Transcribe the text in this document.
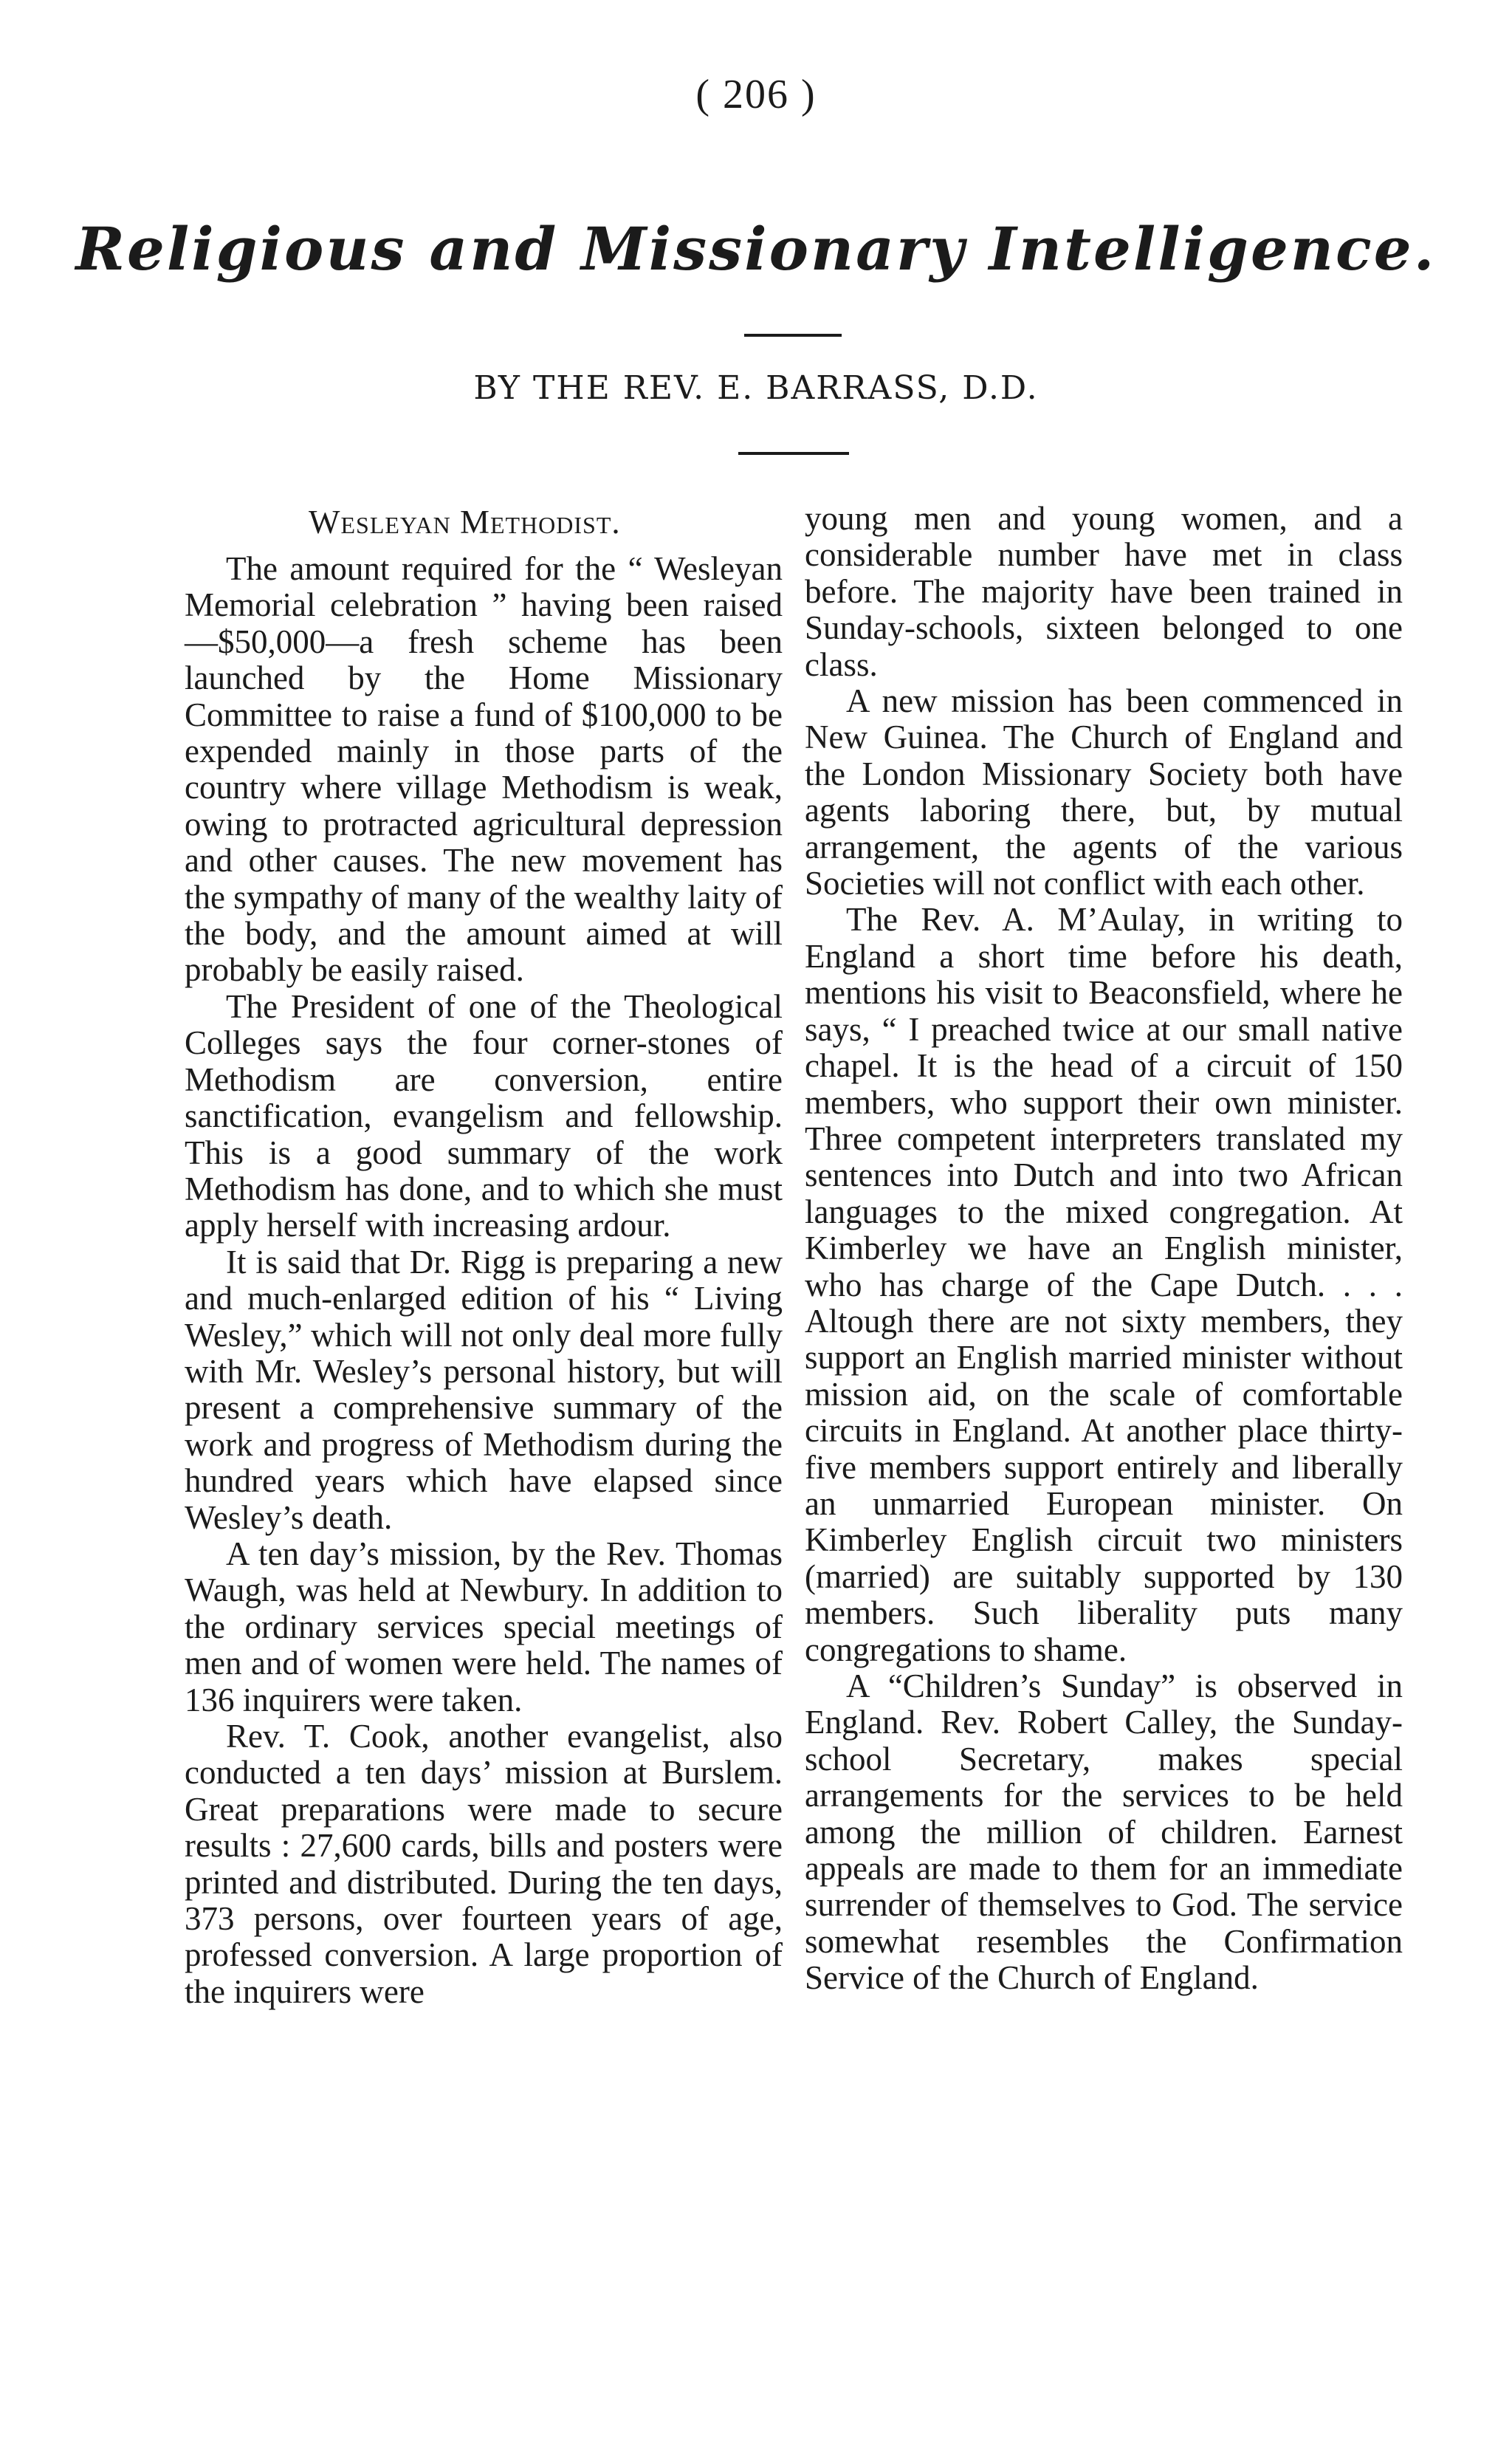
( 206 )
Religious and Missionary Intelligence.
BY THE REV. E. BARRASS, D.D.
Wesleyan Methodist.

The amount required for the “ Wesleyan Memorial celebration ” having been raised—$50,000—a fresh scheme has been launched by the Home Missionary Committee to raise a fund of $100,000 to be expended mainly in those parts of the country where village Methodism is weak, owing to protracted agricultural depression and other causes. The new movement has the sympathy of many of the wealthy laity of the body, and the amount aimed at will probably be easily raised.

The President of one of the Theological Colleges says the four corner-stones of Methodism are conversion, entire sanctification, evangelism and fellowship. This is a good summary of the work Methodism has done, and to which she must apply herself with increasing ardour.

It is said that Dr. Rigg is preparing a new and much-enlarged edition of his “ Living Wesley,” which will not only deal more fully with Mr. Wesley’s personal history, but will present a comprehensive summary of the work and progress of Methodism during the hundred years which have elapsed since Wesley’s death.

A ten day’s mission, by the Rev. Thomas Waugh, was held at Newbury. In addition to the ordinary services special meetings of men and of women were held. The names of 136 inquirers were taken.

Rev. T. Cook, another evangelist, also conducted a ten days’ mission at Burslem. Great preparations were made to secure results : 27,600 cards, bills and posters were printed and distributed. During the ten days, 373 persons, over fourteen years of age, professed conversion. A large proportion of the inquirers were

young men and young women, and a considerable number have met in class before. The majority have been trained in Sunday-schools, sixteen belonged to one class.

A new mission has been commenced in New Guinea. The Church of England and the London Missionary Society both have agents laboring there, but, by mutual arrangement, the agents of the various Societies will not conflict with each other.

The Rev. A. M’Aulay, in writing to England a short time before his death, mentions his visit to Beaconsfield, where he says, “ I preached twice at our small native chapel. It is the head of a circuit of 150 members, who support their own minister. Three competent interpreters translated my sentences into Dutch and into two African languages to the mixed congregation. At Kimberley we have an English minister, who has charge of the Cape Dutch. . . . Altough there are not sixty members, they support an English married minister without mission aid, on the scale of comfortable circuits in England. At another place thirty-five members support entirely and liberally an unmarried European minister. On Kimberley English circuit two ministers (married) are suitably supported by 130 members. Such liberality puts many congregations to shame.

A “Children’s Sunday” is observed in England. Rev. Robert Calley, the Sunday-school Secretary, makes special arrangements for the services to be held among the million of children. Earnest appeals are made to them for an immediate surrender of themselves to God. The service somewhat resembles the Confirmation Service of the Church of England.
